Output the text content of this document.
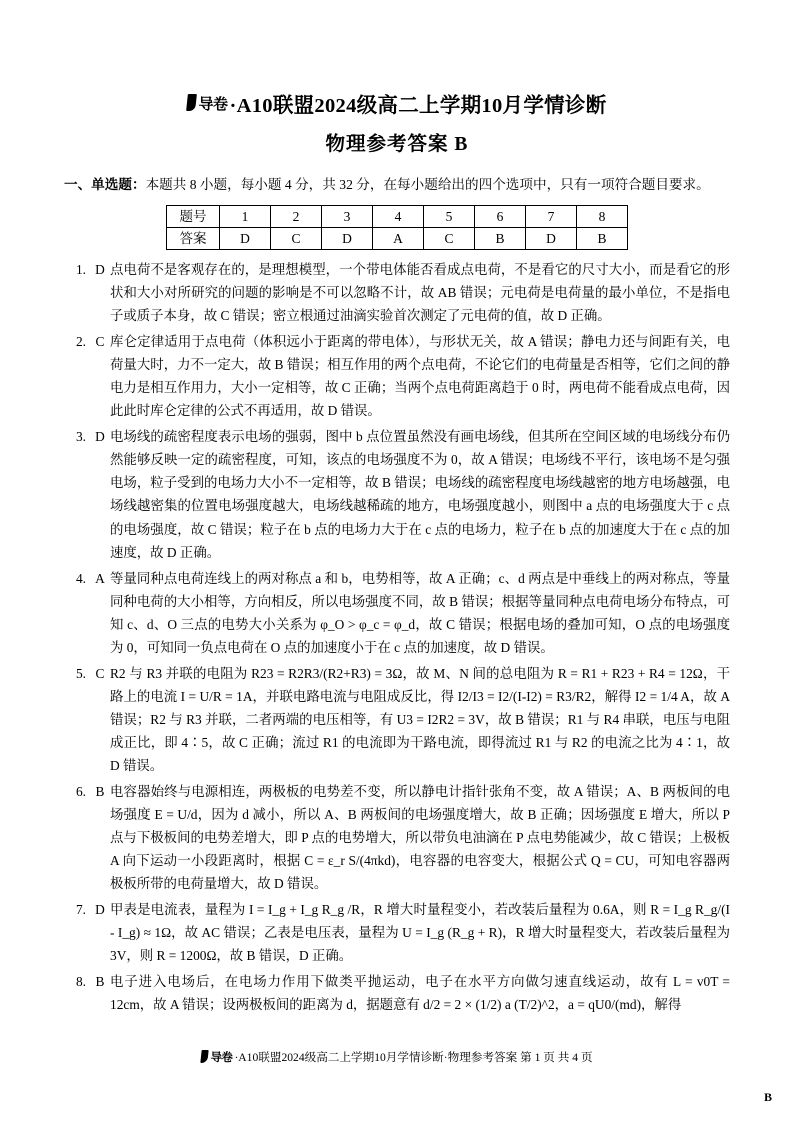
导卷 ·A10联盟2024级高二上学期10月学情诊断
物理参考答案 B
一、单选题：本题共 8 小题，每小题 4 分，共 32 分，在每小题给出的四个选项中，只有一项符合题目要求。
题号	1	2	3	4	5	6	7	8
答案	D	C	D	A	C	B	D	B
1. D 点电荷不是客观存在的，是理想模型，一个带电体能否看成点电荷，不是看它的尺寸大小，而是看它的形状和大小对所研究的问题的影响是不可以忽略不计，故 AB 错误；元电荷是电荷量的最小单位，不是指电子或质子本身，故 C 错误；密立根通过油滴实验首次测定了元电荷的值，故 D 正确。
2. C 库仑定律适用于点电荷（体积远小于距离的带电体），与形状无关，故 A 错误；静电力还与间距有关，电荷量大时，力不一定大，故 B 错误；相互作用的两个点电荷，不论它们的电荷量是否相等，它们之间的静电力是相互作用力，大小一定相等，故 C 正确；当两个点电荷距离趋于 0 时，两电荷不能看成点电荷，因此此时库仑定律的公式不再适用，故 D 错误。
3. D 电场线的疏密程度表示电场的强弱，图中 b 点位置虽然没有画电场线，但其所在空间区域的电场线分布仍然能够反映一定的疏密程度，可知，该点的电场强度不为 0，故 A 错误；电场线不平行，该电场不是匀强电场，粒子受到的电场力大小不一定相等，故 B 错误；电场线的疏密程度电场线越密的地方电场越强，电场线越密集的位置电场强度越大，电场线越稀疏的地方，电场强度越小，则图中 a 点的电场强度大于 c 点的电场强度，故 C 错误；粒子在 b 点的电场力大于在 c 点的电场力，粒子在 b 点的加速度大于在 c 点的加速度，故 D 正确。
4. A 等量同种点电荷连线上的两对称点 a 和 b，电势相等，故 A 正确；c、d 两点是中垂线上的两对称点，等量同种电荷的大小相等，方向相反，所以电场强度不同，故 B 错误；根据等量同种点电荷电场分布特点，可知 c、d、O 三点的电势大小关系为 φ_O > φ_c = φ_d，故 C 错误；根据电场的叠加可知，O 点的电场强度为 0，可知同一负点电荷在 O 点的加速度小于在 c 点的加速度，故 D 错误。
5. C R2 与 R3 并联的电阻为 R23 = R2R3/(R2+R3) = 3Ω，故 M、N 间的总电阻为 R = R1 + R23 + R4 = 12Ω，干路上的电流 I = U/R = 1A，并联电路电流与电阻成反比，得 I2/I3 = I2/(I-I2) = R3/R2，解得 I2 = 1/4 A，故 A 错误；R2 与 R3 并联，二者两端的电压相等，有 U3 = I2R2 = 3V，故 B 错误；R1 与 R4 串联，电压与电阻成正比，即 4∶5，故 C 正确；流过 R1 的电流即为干路电流，即得流过 R1 与 R2 的电流之比为 4∶1，故 D 错误。
6. B 电容器始终与电源相连，两极板的电势差不变，所以静电计指针张角不变，故 A 错误；A、B 两板间的电场强度 E = U/d，因为 d 减小，所以 A、B 两板间的电场强度增大，故 B 正确；因场强度 E 增大，所以 P 点与下极板间的电势差增大，即 P 点的电势增大，所以带负电油滴在 P 点电势能减少，故 C 错误；上极板 A 向下运动一小段距离时，根据 C = ε_r S/(4πkd)，电容器的电容变大，根据公式 Q = CU，可知电容器两极板所带的电荷量增大，故 D 错误。
7. D 甲表是电流表，量程为 I = I_g + I_g R_g /R，R 增大时量程变小，若改装后量程为 0.6A，则 R = I_g R_g/(I - I_g) ≈ 1Ω，故 AC 错误；乙表是电压表，量程为 U = I_g (R_g + R)，R 增大时量程变大，若改装后量程为 3V，则 R = 1200Ω，故 B 错误，D 正确。
8. B 电子进入电场后，在电场力作用下做类平抛运动，电子在水平方向做匀速直线运动，故有 L = v0T = 12cm，故 A 错误；设两极板间的距离为 d，据题意有 d/2 = 2 × (1/2) a (T/2)^2，a = qU0/(md)，解得
导卷 ·A10联盟2024级高二上学期10月学情诊断·物理参考答案 第 1 页 共 4 页
B
